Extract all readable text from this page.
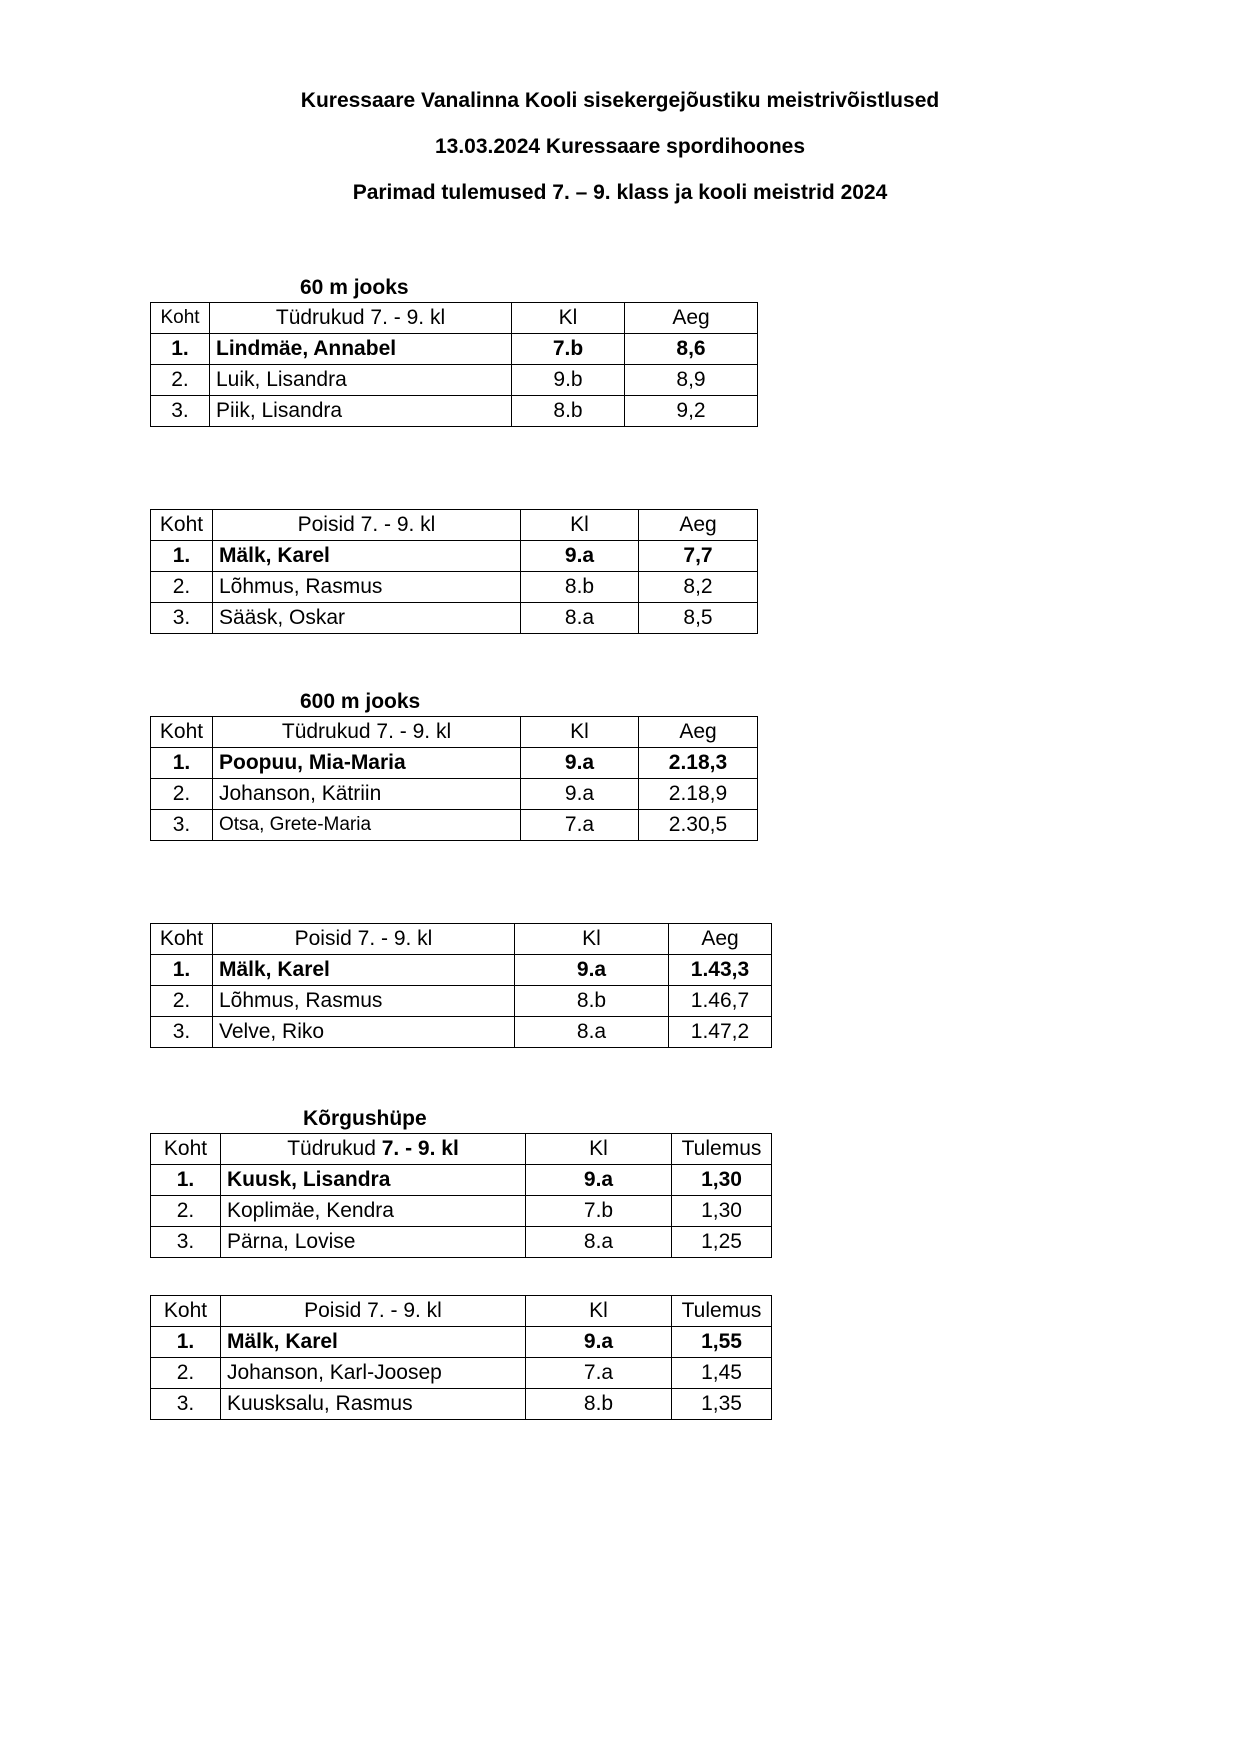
Kuressaare Vanalinna Kooli sisekergejõustiku meistrivõistlused
13.03.2024 Kuressaare spordihoones
Parimad tulemused 7. – 9. klass ja kooli meistrid 2024
60 m jooks
Koht	Tüdrukud 7. - 9. kl	Kl	Aeg
1.	Lindmäe, Annabel	7.b	8,6
2.	Luik, Lisandra	9.b	8,9
3.	Piik, Lisandra	8.b	9,2
Koht	Poisid 7. - 9. kl	Kl	Aeg
1.	Mälk, Karel	9.a	7,7
2.	Lõhmus, Rasmus	8.b	8,2
3.	Sääsk, Oskar	8.a	8,5
600 m jooks
Koht	Tüdrukud 7. - 9. kl	Kl	Aeg
1.	Poopuu, Mia-Maria	9.a	2.18,3
2.	Johanson, Kätriin	9.a	2.18,9
3.	Otsa, Grete-Maria	7.a	2.30,5
Koht	Poisid 7. - 9. kl	Kl	Aeg
1.	Mälk, Karel	9.a	1.43,3
2.	Lõhmus, Rasmus	8.b	1.46,7
3.	Velve, Riko	8.a	1.47,2
Kõrgushüpe
Koht	Tüdrukud 7. - 9. kl	Kl	Tulemus
1.	Kuusk, Lisandra	9.a	1,30
2.	Koplimäe, Kendra	7.b	1,30
3.	Pärna, Lovise	8.a	1,25
Koht	Poisid 7. - 9. kl	Kl	Tulemus
1.	Mälk, Karel	9.a	1,55
2.	Johanson, Karl-Joosep	7.a	1,45
3.	Kuusksalu, Rasmus	8.b	1,35
